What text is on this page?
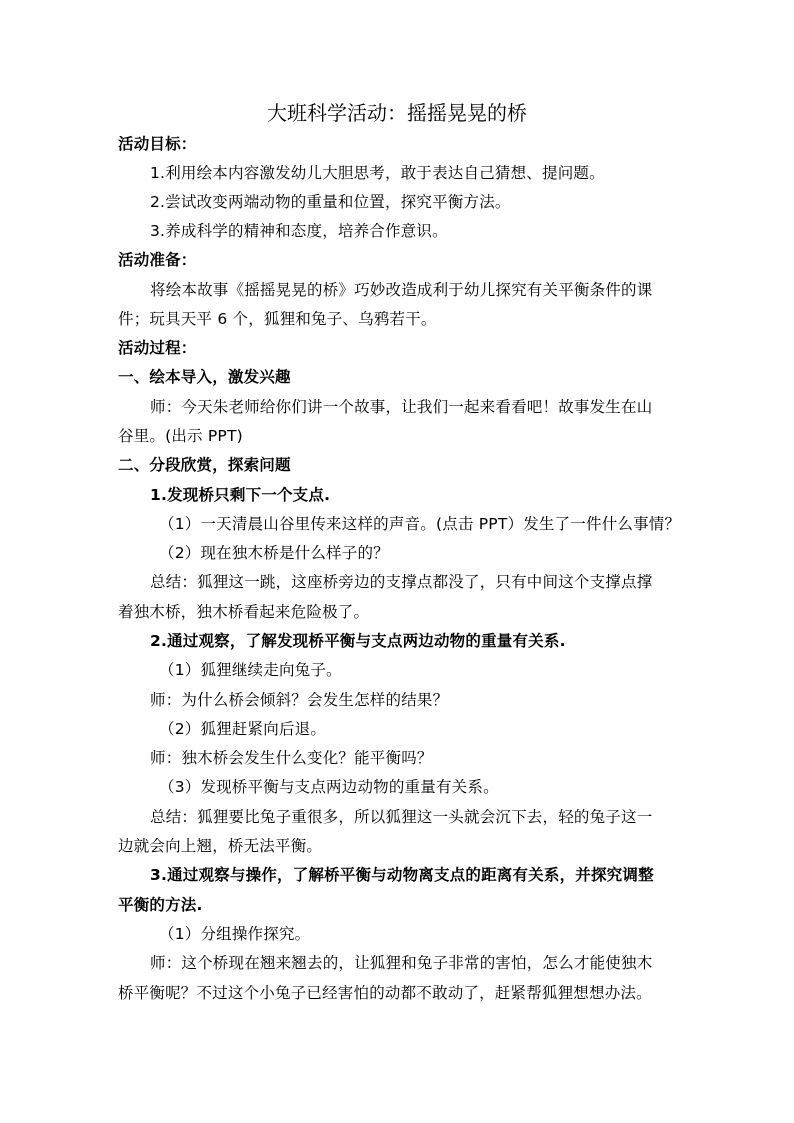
大班科学活动：摇摇晃晃的桥
活动目标：
1.利用绘本内容激发幼儿大胆思考，敢于表达自己猜想、提问题。
2.尝试改变两端动物的重量和位置，探究平衡方法。
3.养成科学的精神和态度，培养合作意识。
活动准备：
将绘本故事《摇摇晃晃的桥》巧妙改造成利于幼儿探究有关平衡条件的课
件；玩具天平 6 个，狐狸和兔子、乌鸦若干。
活动过程：
一、绘本导入，激发兴趣
师：今天朱老师给你们讲一个故事，让我们一起来看看吧！故事发生在山
谷里。(出示 PPT)
二、分段欣赏，探索问题
1.发现桥只剩下一个支点.
（1）一天清晨山谷里传来这样的声音。(点击 PPT）发生了一件什么事情？
（2）现在独木桥是什么样子的？
总结：狐狸这一跳，这座桥旁边的支撑点都没了，只有中间这个支撑点撑
着独木桥，独木桥看起来危险极了。
2.通过观察，了解发现桥平衡与支点两边动物的重量有关系.
（1）狐狸继续走向兔子。
师：为什么桥会倾斜？会发生怎样的结果？
（2）狐狸赶紧向后退。
师：独木桥会发生什么变化？能平衡吗？
（3）发现桥平衡与支点两边动物的重量有关系。
总结：狐狸要比兔子重很多，所以狐狸这一头就会沉下去，轻的兔子这一
边就会向上翘，桥无法平衡。
3.通过观察与操作，了解桥平衡与动物离支点的距离有关系，并探究调整
平衡的方法.
（1）分组操作探究。
师：这个桥现在翘来翘去的，让狐狸和兔子非常的害怕，怎么才能使独木
桥平衡呢？不过这个小兔子已经害怕的动都不敢动了，赶紧帮狐狸想想办法。
